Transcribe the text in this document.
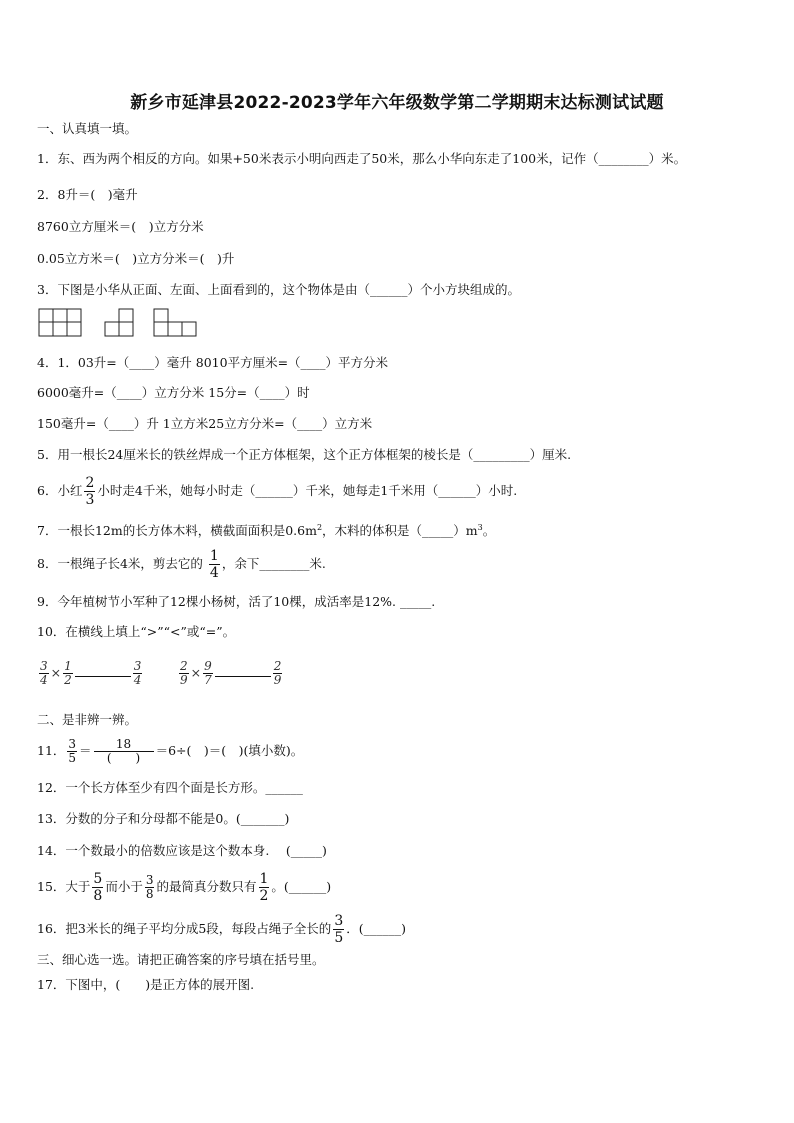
新乡市延津县2022-2023学年六年级数学第二学期期末达标测试试题
一、认真填一填。
1．东、西为两个相反的方向。如果+50米表示小明向西走了50米，那么小华向东走了100米，记作（________）米。
2．8升＝(　)毫升
8760立方厘米＝(　)立方分米
0.05立方米＝(　)立方分米＝(　)升
3．下图是小华从正面、左面、上面看到的，这个物体是由（______）个小方块组成的。
4．1．03升=（____）毫升 8010平方厘米=（____）平方分米
6000毫升=（____）立方分米 15分=（____）时
150毫升=（____）升 1立方米25立方分米=（____）立方米
5．用一根长24厘米长的铁丝焊成一个正方体框架，这个正方体框架的棱长是（_________）厘米.
6．小红 $\frac{2}{3}$ 小时走4千米，她每小时走（______）千米，她每走1千米用（______）小时.
7．一根长12m的长方体木料，横截面面积是$0.6m^2$，木料的体积是$(\_\_\_\_\_)m^3$。
8．一根绳子长4米，剪去它的 $\frac{1}{4}$ ，余下________米.
9．今年植树节小军种了12棵小杨树，活了10棵，成活率是12%. _____.
10．在横线上填上“>”“<”或“=”。
$\frac{3}{4} \times \frac{1}{2}$	$\frac{3}{4}$	$\frac{2}{9} \times \frac{9}{7}$	$\frac{2}{9}$
二、是非辨一辨。
11． $\frac{3}{5} = \frac{18}{( )} =6\div$(　)＝(　)(填小数)。
12．一个长方体至少有四个面是长方形。______
13．分数的分子和分母都不能是0。(_______)
14．一个数最小的倍数应该是这个数本身.　 (_____)
15．大于 $\frac{5}{8}$ 而小于 $\frac{3}{8}$ 的最简真分数只有 $\frac{1}{2}$ 。(______)
16．把3米长的绳子平均分成5段，每段占绳子全长的 $\frac{3}{5}$ ．(______)
三、细心选一选。请把正确答案的序号填在括号里。
17．下图中，(　　)是正方体的展开图.
